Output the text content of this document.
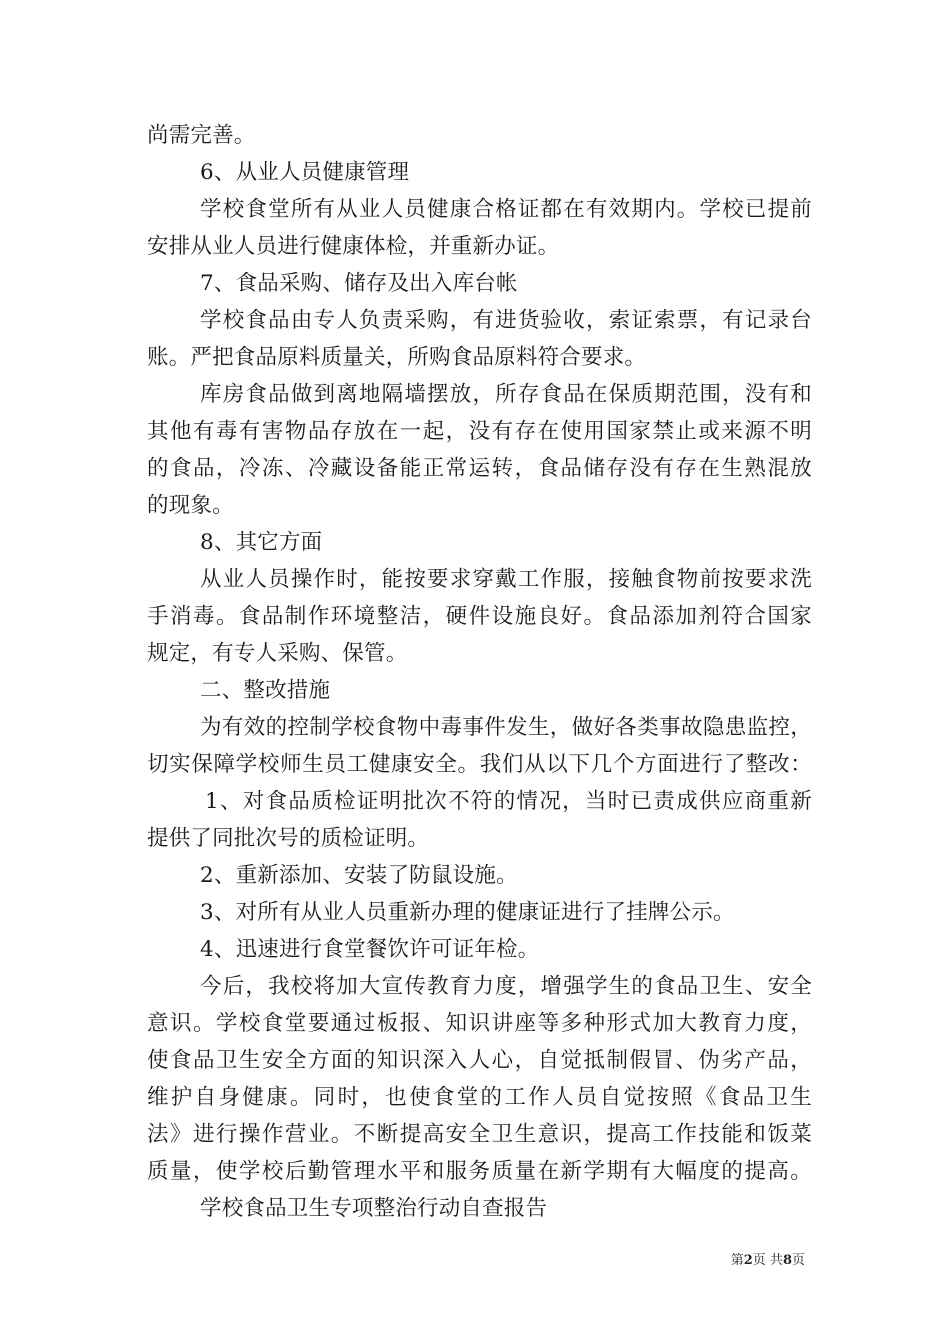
尚需完善。
6、从业人员健康管理
学校食堂所有从业人员健康合格证都在有效期内。学校已提前
安排从业人员进行健康体检，并重新办证。
7、食品采购、储存及出入库台帐
学校食品由专人负责采购，有进货验收，索证索票，有记录台
账。严把食品原料质量关，所购食品原料符合要求。
库房食品做到离地隔墙摆放，所存食品在保质期范围，没有和
其他有毒有害物品存放在一起，没有存在使用国家禁止或来源不明
的食品，冷冻、冷藏设备能正常运转，食品储存没有存在生熟混放
的现象。
8、其它方面
从业人员操作时，能按要求穿戴工作服，接触食物前按要求洗
手消毒。食品制作环境整洁，硬件设施良好。食品添加剂符合国家
规定，有专人采购、保管。
二、整改措施
为有效的控制学校食物中毒事件发生，做好各类事故隐患监控，
切实保障学校师生员工健康安全。我们从以下几个方面进行了整改：
1、对食品质检证明批次不符的情况，当时已责成供应商重新
提供了同批次号的质检证明。
2、重新添加、安装了防鼠设施。
3、对所有从业人员重新办理的健康证进行了挂牌公示。
4、迅速进行食堂餐饮许可证年检。
今后，我校将加大宣传教育力度，增强学生的食品卫生、安全
意识。学校食堂要通过板报、知识讲座等多种形式加大教育力度，
使食品卫生安全方面的知识深入人心，自觉抵制假冒、伪劣产品，
维护自身健康。同时，也使食堂的工作人员自觉按照《食品卫生
法》进行操作营业。不断提高安全卫生意识，提高工作技能和饭菜
质量，使学校后勤管理水平和服务质量在新学期有大幅度的提高。
学校食品卫生专项整治行动自查报告
第2页 共8页
